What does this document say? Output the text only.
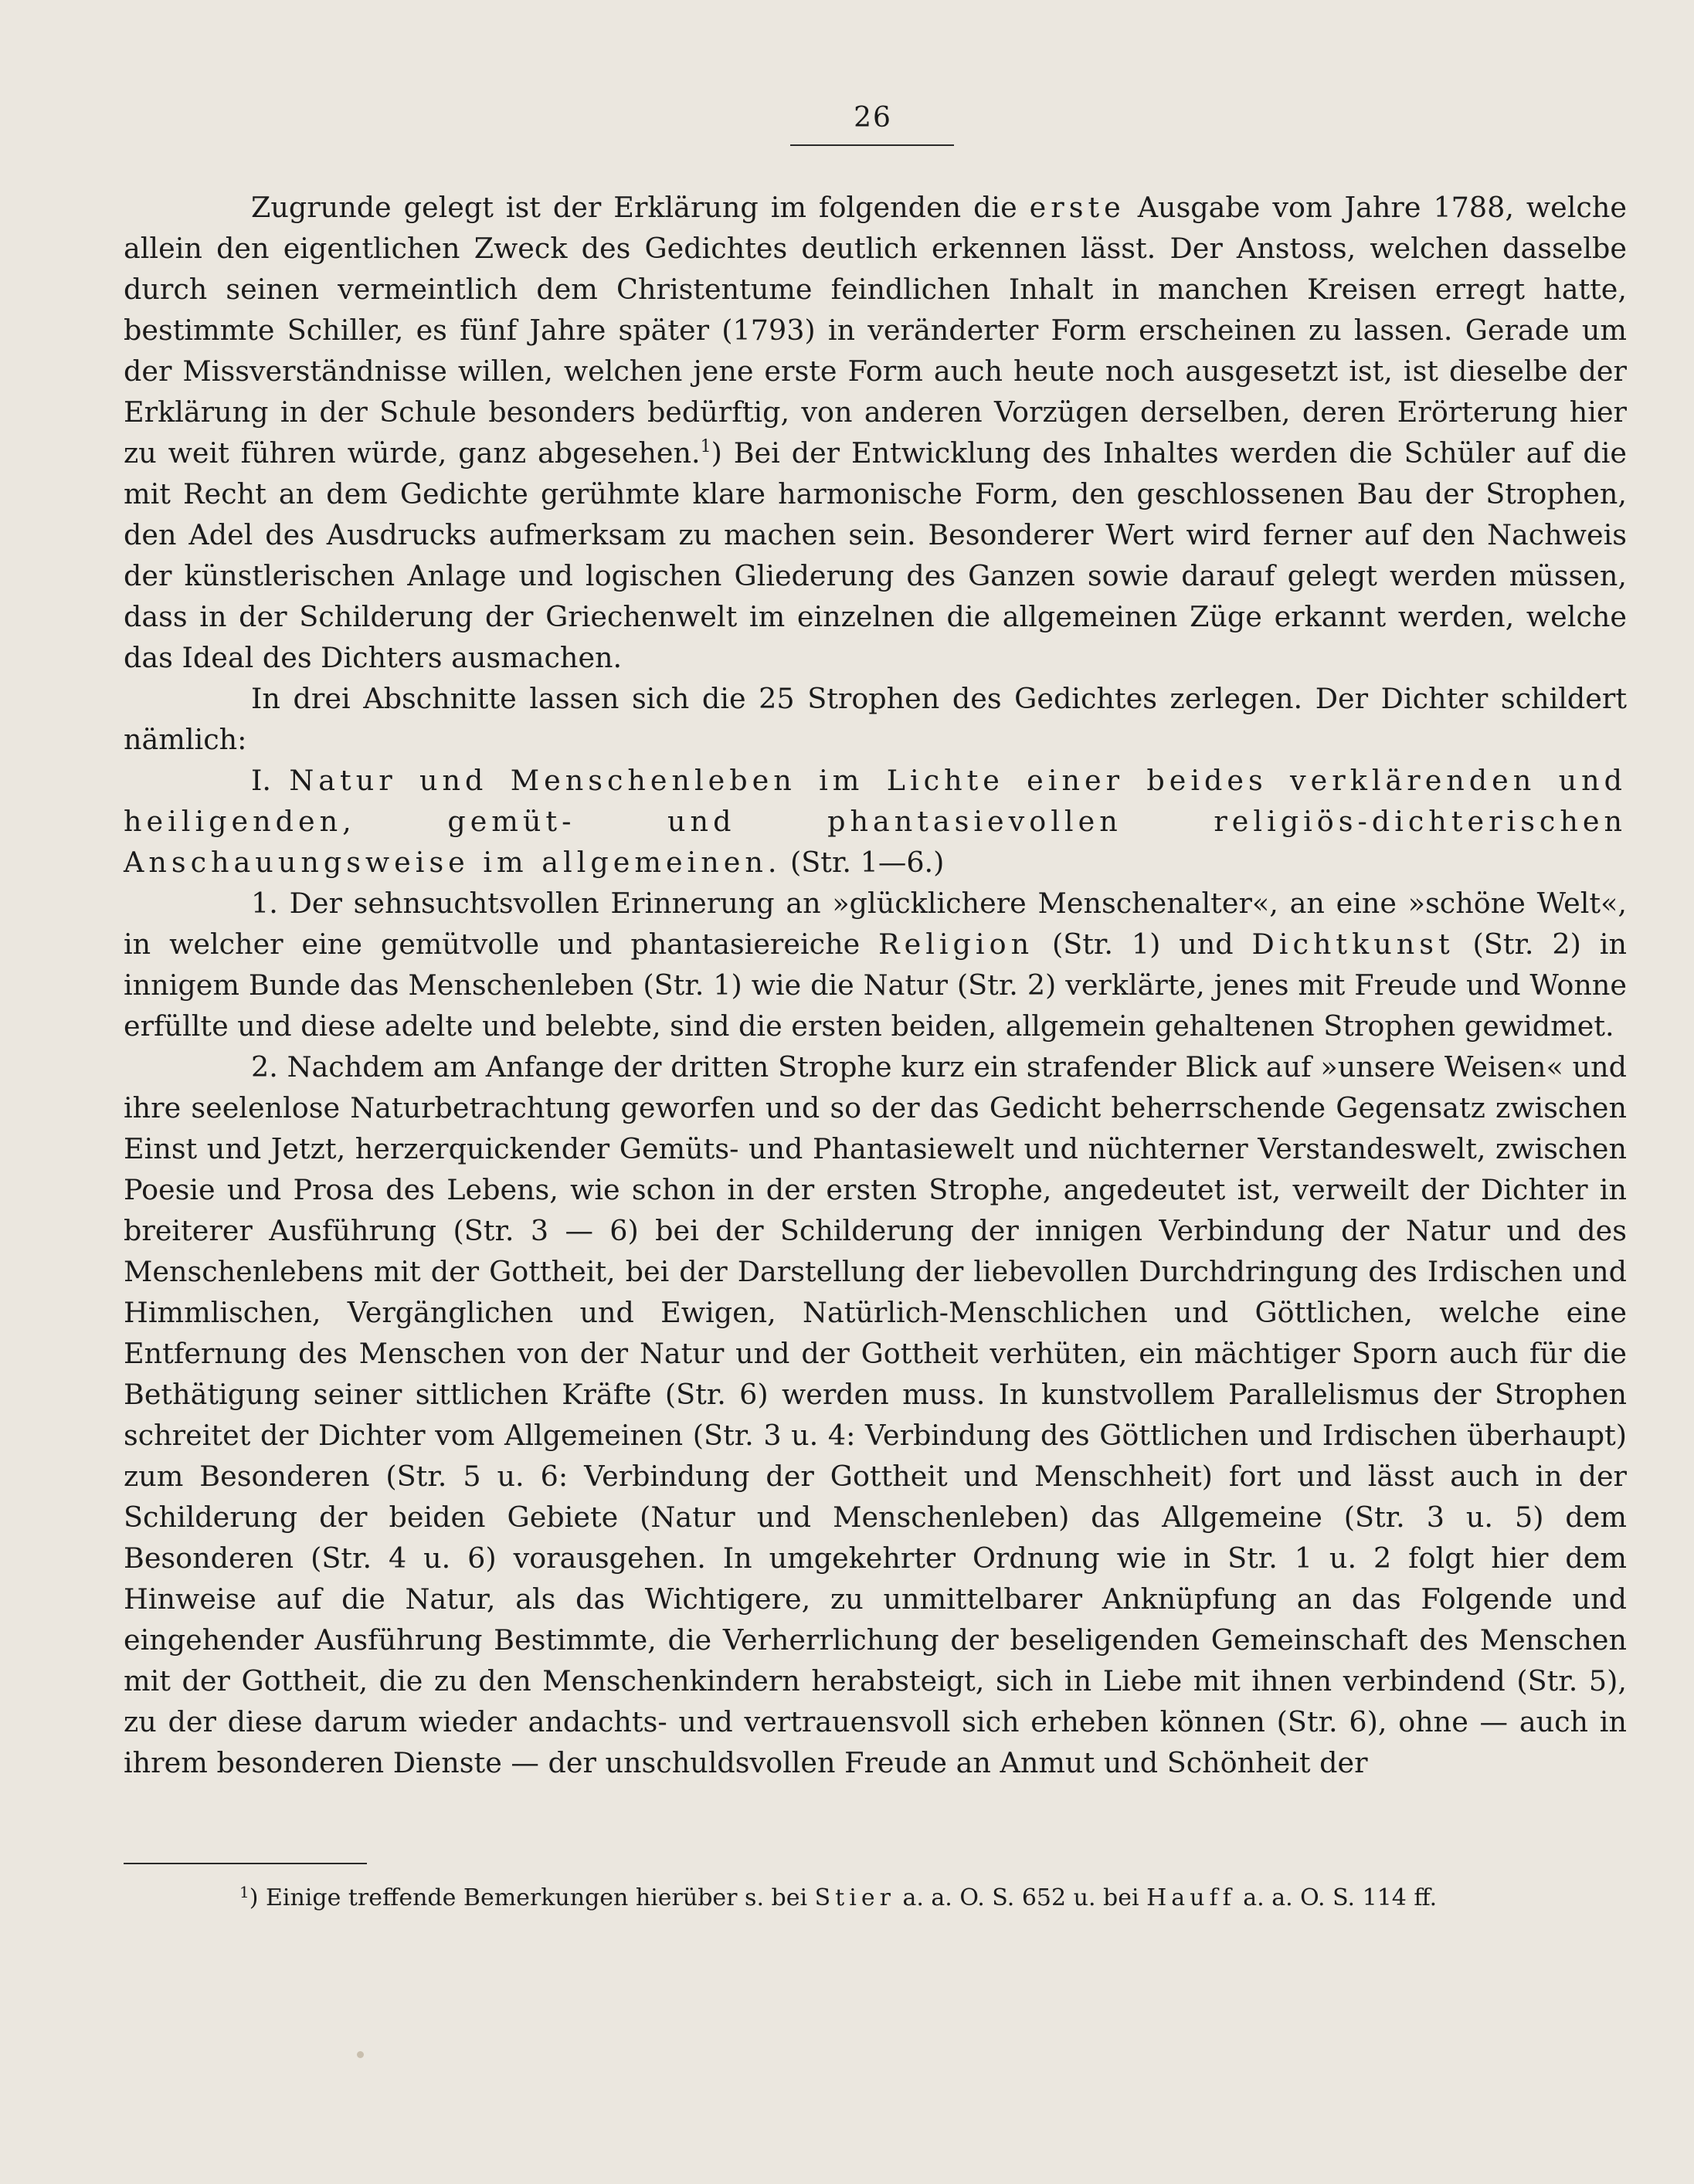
26

Zugrunde gelegt ist der Erklärung im folgenden die erste Ausgabe vom Jahre 1788, welche allein den eigentlichen Zweck des Gedichtes deutlich erkennen lässt. Der Anstoss, welchen dasselbe durch seinen vermeintlich dem Christentume feindlichen Inhalt in manchen Kreisen erregt hatte, bestimmte Schiller, es fünf Jahre später (1793) in veränderter Form erscheinen zu lassen. Gerade um der Missverständnisse willen, welchen jene erste Form auch heute noch ausgesetzt ist, ist dieselbe der Erklärung in der Schule besonders bedürftig, von anderen Vorzügen derselben, deren Erörterung hier zu weit führen würde, ganz abgesehen.$^1$) Bei der Entwicklung des Inhaltes werden die Schüler auf die mit Recht an dem Gedichte gerühmte klare harmonische Form, den geschlossenen Bau der Strophen, den Adel des Ausdrucks aufmerksam zu machen sein. Besonderer Wert wird ferner auf den Nachweis der künstlerischen Anlage und logischen Gliederung des Ganzen sowie darauf gelegt werden müssen, dass in der Schilderung der Griechenwelt im einzelnen die allgemeinen Züge erkannt werden, welche das Ideal des Dichters ausmachen.

In drei Abschnitte lassen sich die 25 Strophen des Gedichtes zerlegen. Der Dichter schildert nämlich:

I. Natur und Menschenleben im Lichte einer beides verklärenden und heiligenden, gemüt- und phantasievollen religiös-dichterischen Anschauungsweise im allgemeinen. (Str. 1—6.)

1. Der sehnsuchtsvollen Erinnerung an »glücklichere Menschenalter«, an eine »schöne Welt«, in welcher eine gemütvolle und phantasiereiche Religion (Str. 1) und Dichtkunst (Str. 2) in innigem Bunde das Menschenleben (Str. 1) wie die Natur (Str. 2) verklärte, jenes mit Freude und Wonne erfüllte und diese adelte und belebte, sind die ersten beiden, allgemein gehaltenen Strophen gewidmet.

2. Nachdem am Anfange der dritten Strophe kurz ein strafender Blick auf »unsere Weisen« und ihre seelenlose Naturbetrachtung geworfen und so der das Gedicht beherrschende Gegensatz zwischen Einst und Jetzt, herzerquickender Gemüts- und Phantasiewelt und nüchterner Verstandeswelt, zwischen Poesie und Prosa des Lebens, wie schon in der ersten Strophe, angedeutet ist, verweilt der Dichter in breiterer Ausführung (Str. 3 — 6) bei der Schilderung der innigen Verbindung der Natur und des Menschenlebens mit der Gottheit, bei der Darstellung der liebevollen Durchdringung des Irdischen und Himmlischen, Vergänglichen und Ewigen, Natürlich-Menschlichen und Göttlichen, welche eine Entfernung des Menschen von der Natur und der Gottheit verhüten, ein mächtiger Sporn auch für die Bethätigung seiner sittlichen Kräfte (Str. 6) werden muss. In kunstvollem Parallelismus der Strophen schreitet der Dichter vom Allgemeinen (Str. 3 u. 4: Verbindung des Göttlichen und Irdischen überhaupt) zum Besonderen (Str. 5 u. 6: Verbindung der Gottheit und Menschheit) fort und lässt auch in der Schilderung der beiden Gebiete (Natur und Menschenleben) das Allgemeine (Str. 3 u. 5) dem Besonderen (Str. 4 u. 6) vorausgehen. In umgekehrter Ordnung wie in Str. 1 u. 2 folgt hier dem Hinweise auf die Natur, als das Wichtigere, zu unmittelbarer Anknüpfung an das Folgende und eingehender Ausführung Bestimmte, die Verherrlichung der beseligenden Gemeinschaft des Menschen mit der Gottheit, die zu den Menschenkindern herabsteigt, sich in Liebe mit ihnen verbindend (Str. 5), zu der diese darum wieder andachts- und vertrauensvoll sich erheben können (Str. 6), ohne — auch in ihrem besonderen Dienste — der unschuldsvollen Freude an Anmut und Schönheit der

$^1$) Einige treffende Bemerkungen hierüber s. bei Stier a. a. O. S. 652 u. bei Hauff a. a. O. S. 114 ff.
